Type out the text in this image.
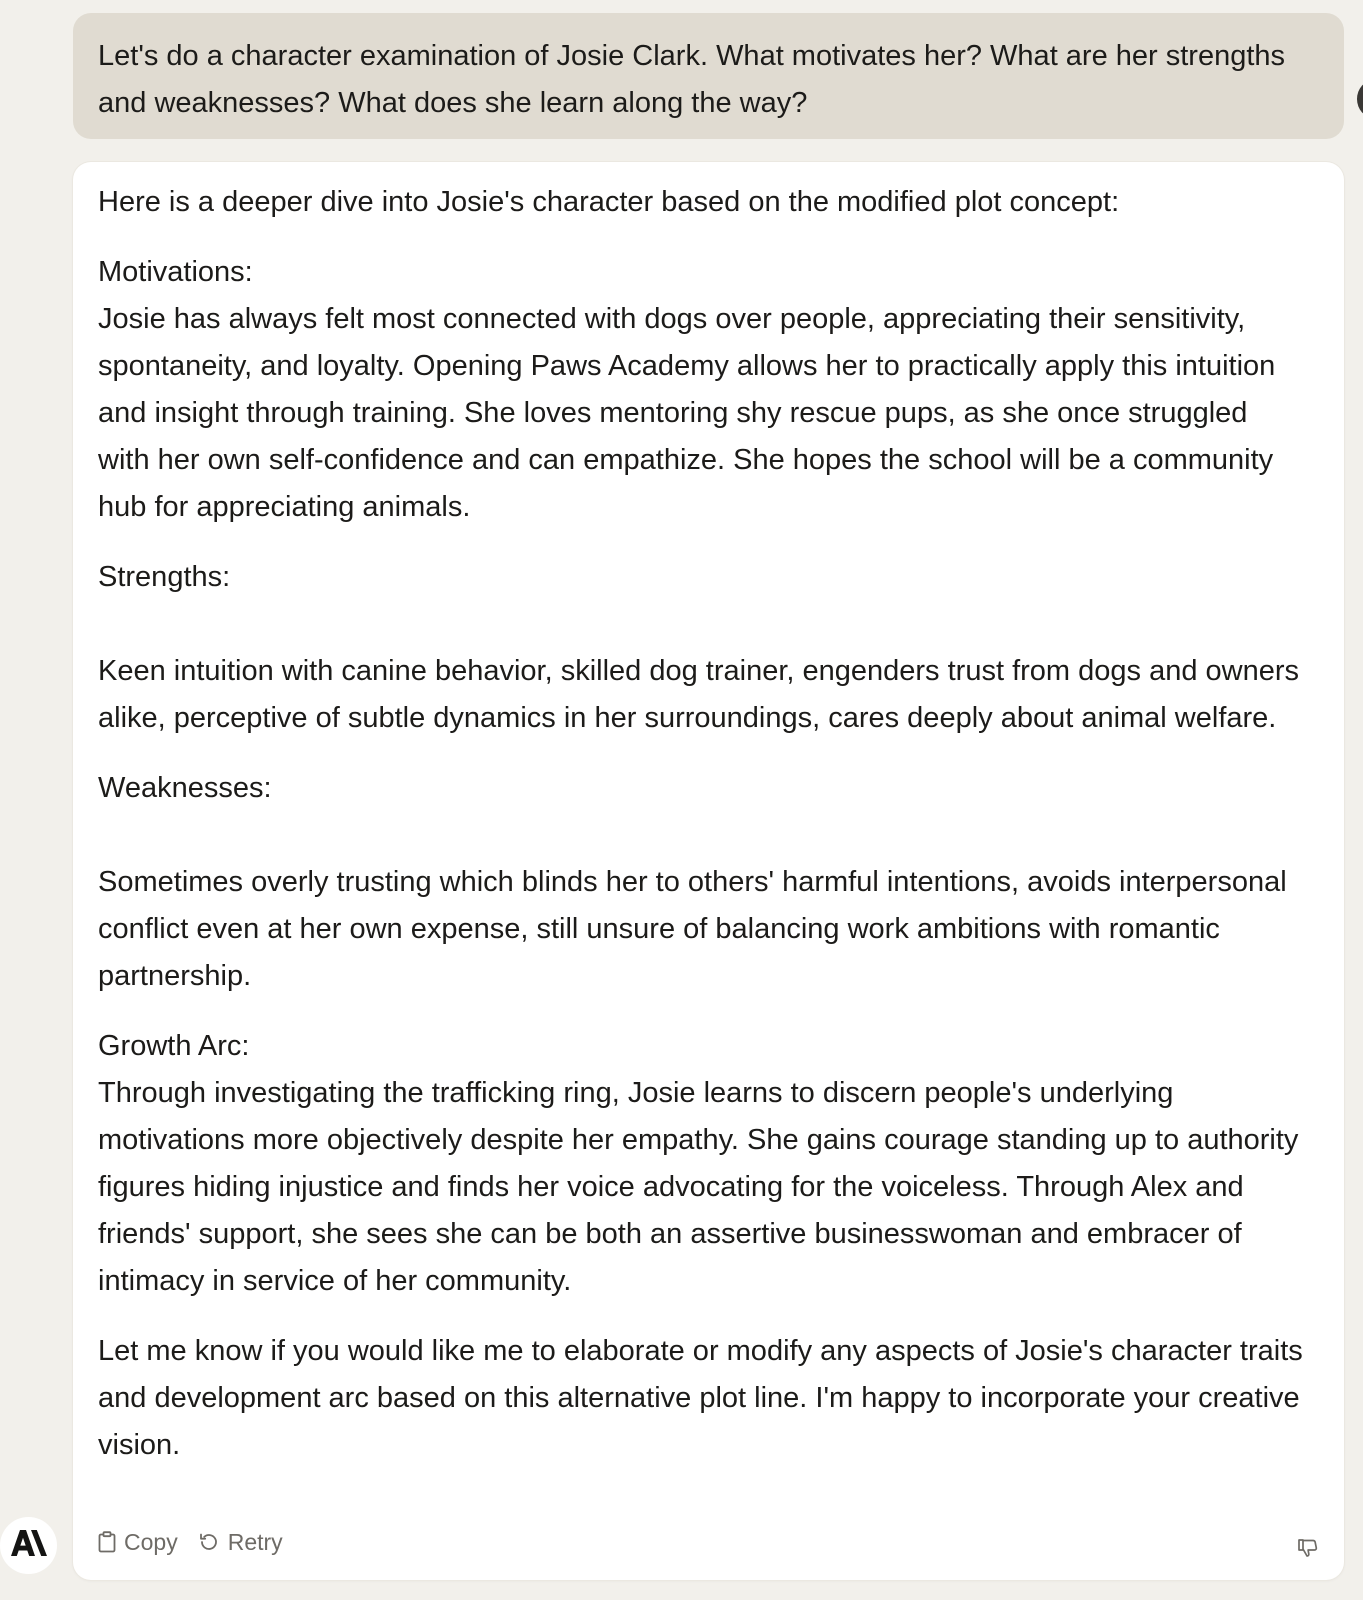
Let's do a character examination of Josie Clark. What motivates her? What are her strengths and weaknesses? What does she learn along the way?

Here is a deeper dive into Josie's character based on the modified plot concept:

Motivations:

Josie has always felt most connected with dogs over people, appreciating their sensitivity, spontaneity, and loyalty. Opening Paws Academy allows her to practically apply this intuition and insight through training. She loves mentoring shy rescue pups, as she once struggled with her own self-confidence and can empathize. She hopes the school will be a community hub for appreciating animals.

Strengths:

Keen intuition with canine behavior, skilled dog trainer, engenders trust from dogs and owners alike, perceptive of subtle dynamics in her surroundings, cares deeply about animal welfare.

Weaknesses:

Sometimes overly trusting which blinds her to others' harmful intentions, avoids interpersonal conflict even at her own expense, still unsure of balancing work ambitions with romantic partnership.

Growth Arc:

Through investigating the trafficking ring, Josie learns to discern people's underlying motivations more objectively despite her empathy. She gains courage standing up to authority figures hiding injustice and finds her voice advocating for the voiceless. Through Alex and friends' support, she sees she can be both an assertive businesswoman and embracer of intimacy in service of her community.

Let me know if you would like me to elaborate or modify any aspects of Josie's character traits and development arc based on this alternative plot line. I'm happy to incorporate your creative vision.

Copy Retry
